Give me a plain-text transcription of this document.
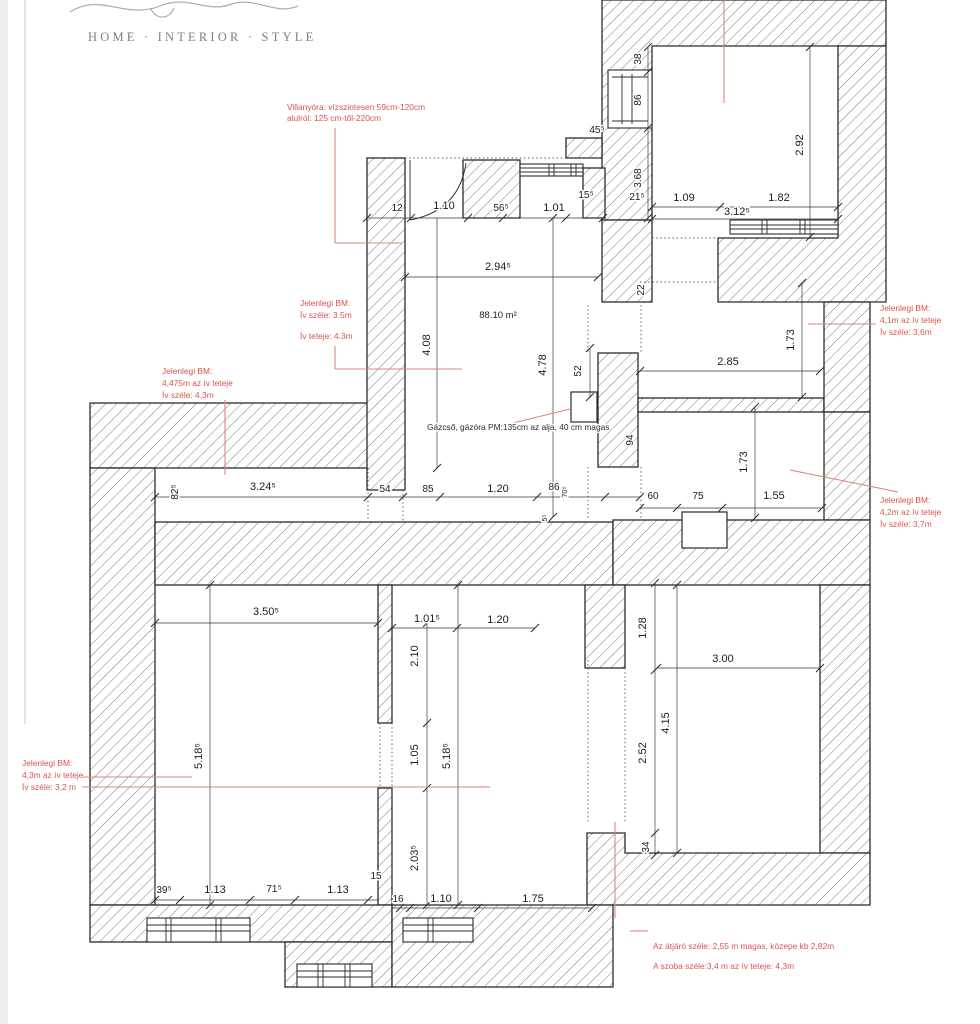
HOME · INTERIOR · STYLE
2.92
38
86
3.68
21⁵
22
1.09	1.82
3.12⁵
45⁵
15⁵
12	1.10	56⁵	1.01
2.94⁵
4.08
4.78 52
94
2.85
1.73
1.73
82⁵	3.24⁵	54	85	1.20	86 70⁵
5⁵
60	75	1.55
3.50⁵
1.01⁵	1.20
2.10
1.05
5.18⁵	5.18⁵
2.03⁵
1.28
3.00
4.15
2.52
34
39⁵	1.13	71⁵	1.13
15
16 1.10	1.75
88.10 m²
Gázcső, gázóra PM:135cm az alja, 40 cm magas
Villanyóra: vízszintesen 59cm-120cm
alulról: 125 cm-től-220cm
Jelenlegi BM:
Ív széle: 3.5m
Ív teteje: 4.3m
Jelenlegi BM:
4,475m az ív teteje
Ív széle: 4,3m
Jelenlegi BM:
4,1m az ív teteje
Ív széle: 3,6m
Jelenlegi BM:
4,2m az ív teteje
Ív széle: 3,7m
Jelenlegi BM:
4,3m az ív teteje
Ív széle: 3,2 m
Az átjáró széle: 2,55 m magas, közepe kb 2,82m
A szoba széle:3,4 m az ív teteje: 4,3m
